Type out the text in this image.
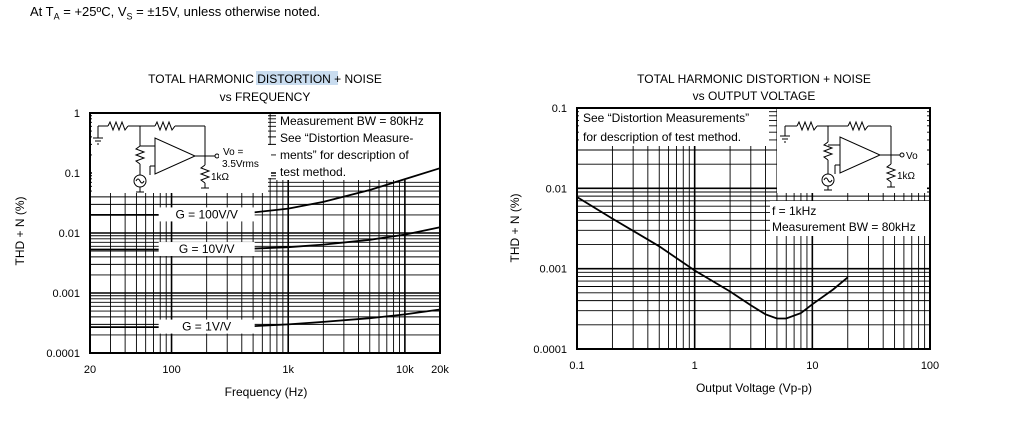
At $T_A$ = +25ºC, $V_S = \pm 15V$, unless otherwise noted.
TOTAL HARMONIC DISTORTION + NOISE
vs FREQUENCY
Frequency (Hz)
THD + N (%)
TOTAL HARMONIC DISTORTION + NOISE
vs OUTPUT VOLTAGE
Output Voltage (Vp-p)
THD + N (%)
20	100	1k	10k 20k
1
0.1
0.01
0.001
0.0001
0.1	1	10	100
0.1
0.01
0.001
0.0001
Measurement BW = 80kHz
See “Distortion Measure-
ments” for description of
test method.
Vo =
3.5Vrms
1kΩ
See “Distortion Measurements”
for description of test method.
f = 1kHz
Measurement BW = 80kHz
Vo
1kΩ
G = 100V/V
G = 10V/V
G = 1V/V
